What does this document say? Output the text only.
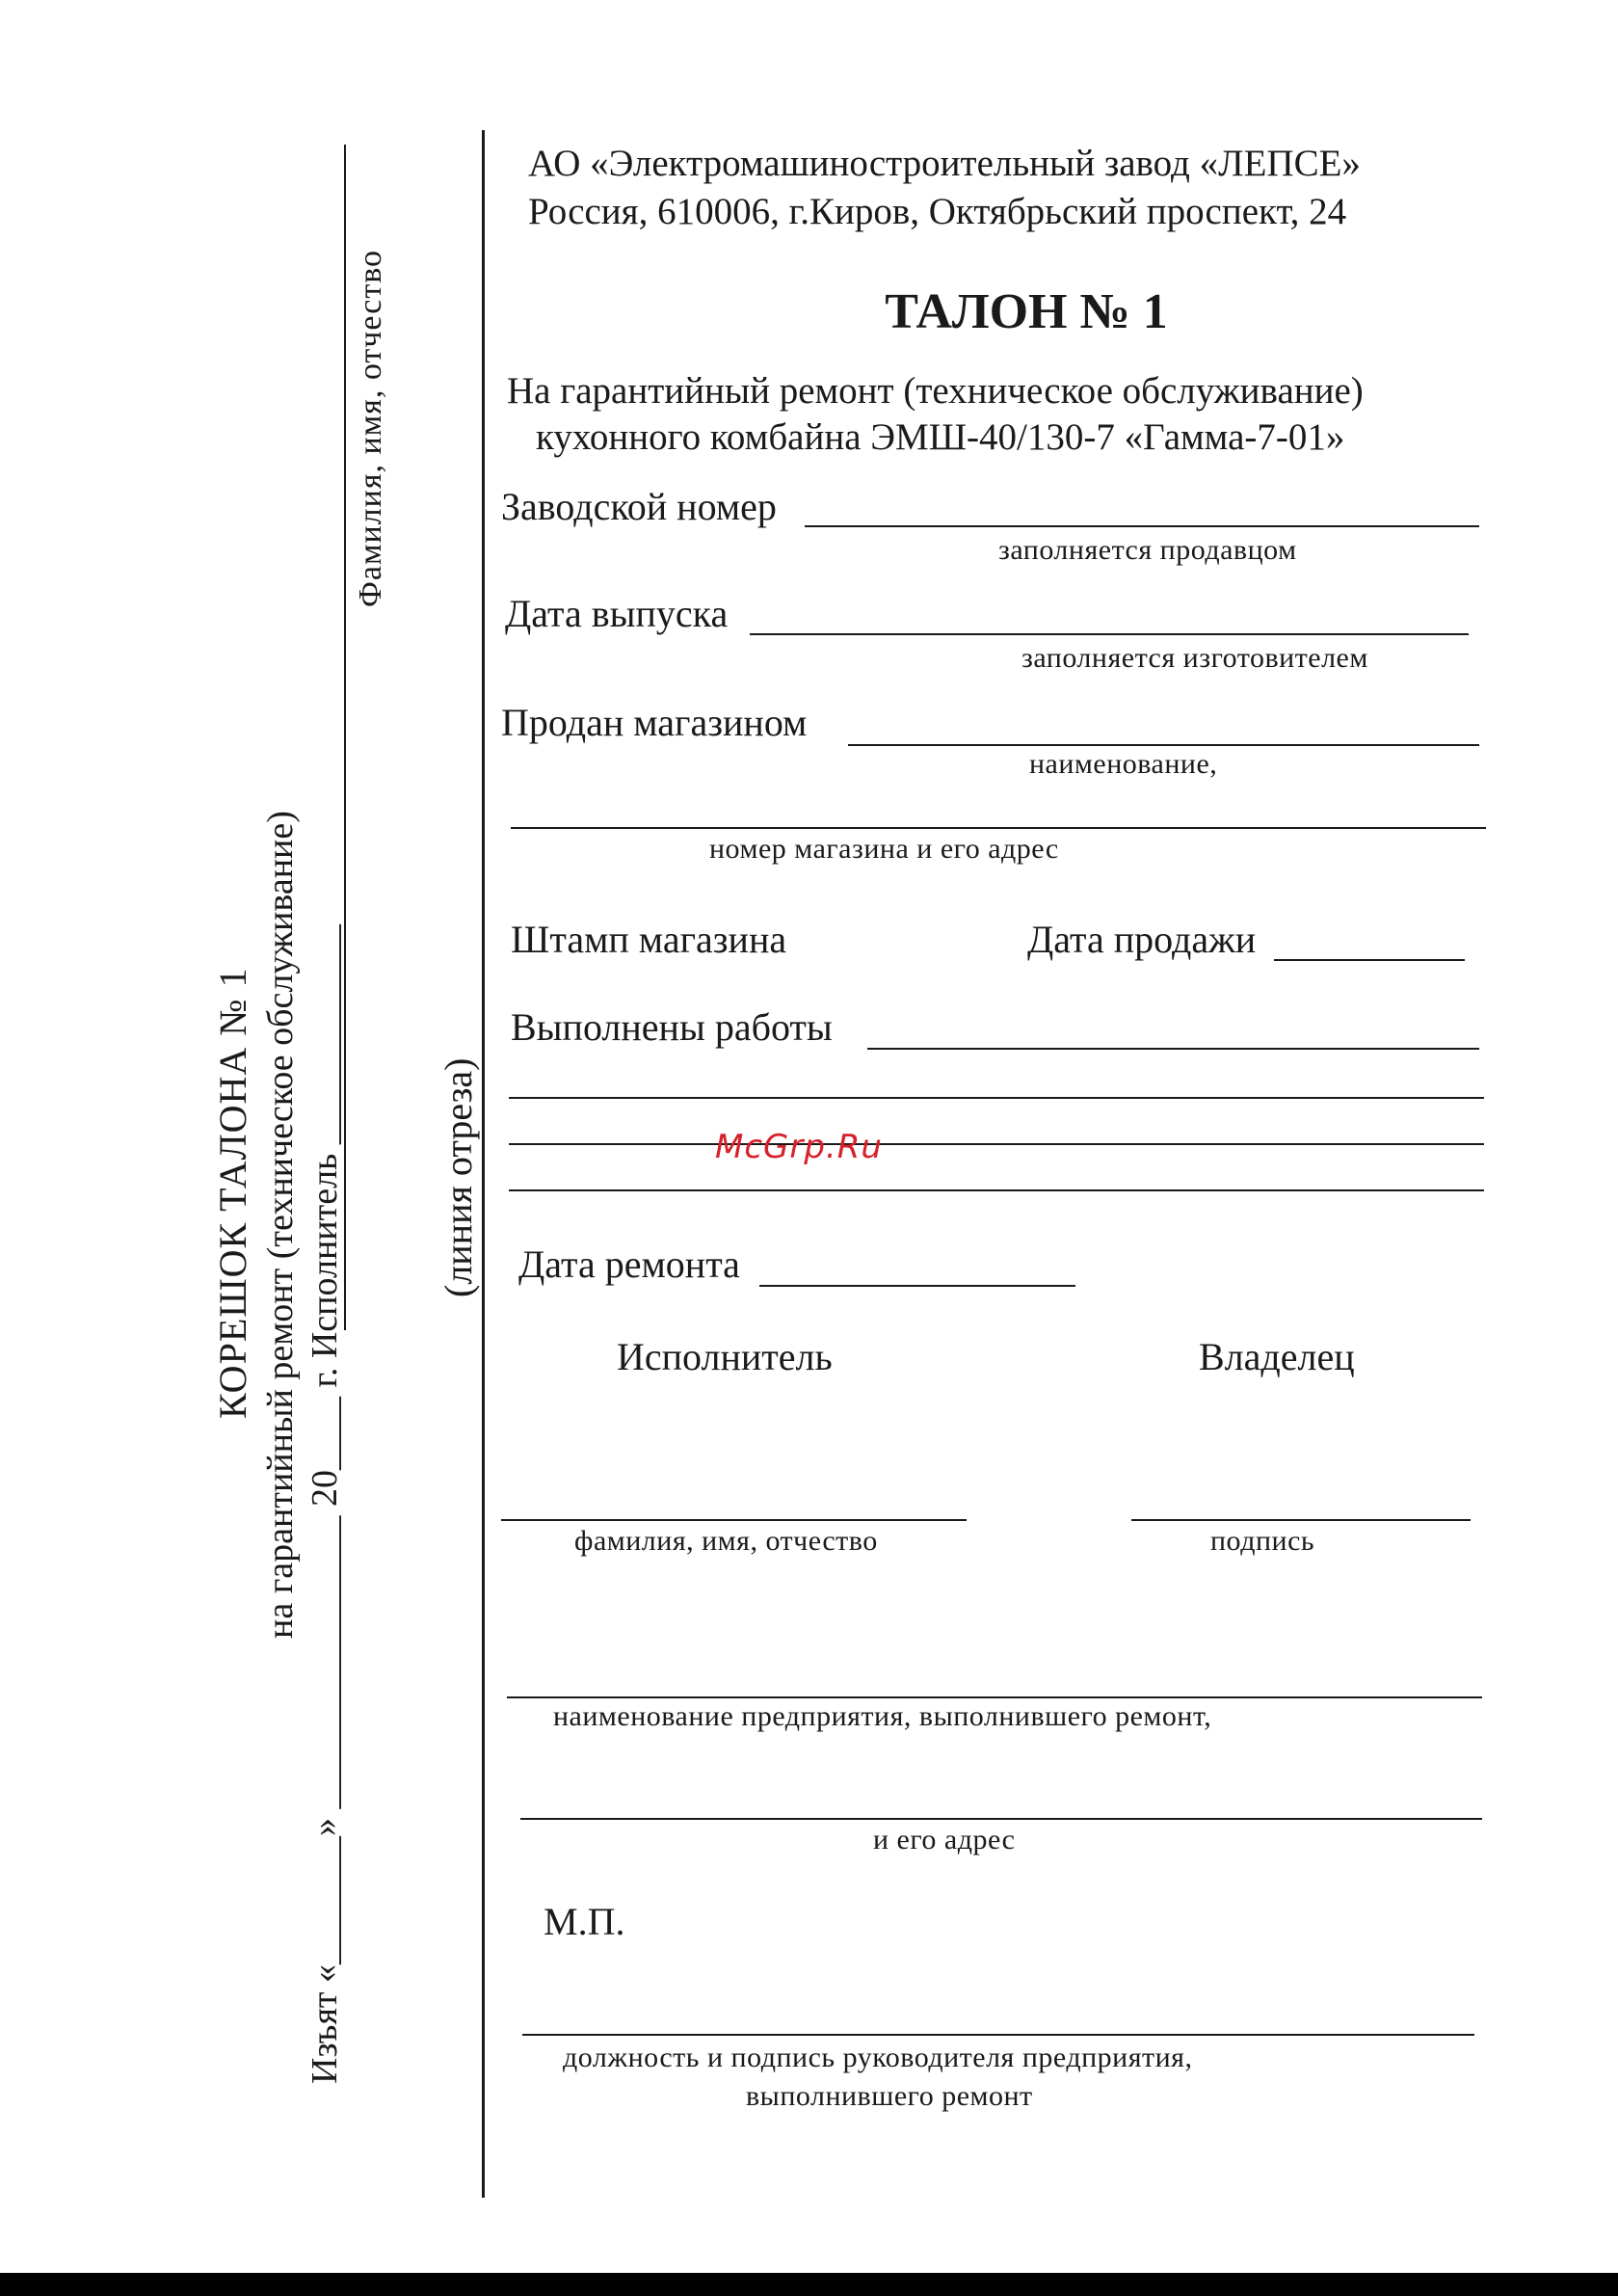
КОРЕШОК ТАЛОНА № 1 на гарантийный ремонт (техническое обслуживание) Изъят «_______» ________________ 20____ г. Исполнитель ____________
Фамилия, имя, отчество
(линия отреза)
АО «Электромашиностроительный завод «ЛЕПСЕ»
Россия, 610006, г.Киров, Октябрьский проспект, 24
ТАЛОН № 1
На гарантийный ремонт (техническое обслуживание)
кухонного комбайна ЭМШ-40/130-7 «Гамма-7-01»
Заводской номер
заполняется продавцом
Дата выпуска
заполняется изготовителем
Продан магазином
наименование,
номер магазина и его адрес
Штамп магазина	Дата продажи
Выполнены работы
McGrp.Ru
Дата ремонта
Исполнитель	Владелец
фамилия, имя, отчество	подпись
наименование предприятия, выполнившего ремонт,
и его адрес
М.П.
должность и подпись руководителя предприятия,
выполнившего ремонт
